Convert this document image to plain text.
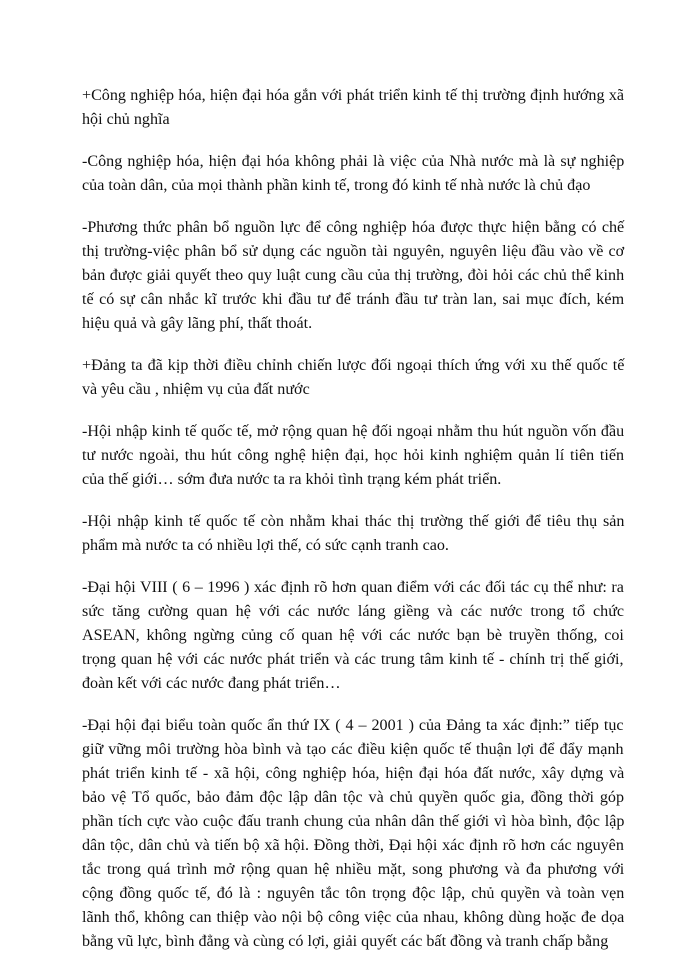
+Công nghiệp hóa, hiện đại hóa gắn với phát triển kinh tế thị trường định hướng xã
hội chủ nghĩa

-Công nghiệp hóa, hiện đại hóa không phải là việc của Nhà nước mà là sự nghiệp
của toàn dân, của mọi thành phần kinh tế, trong đó kinh tế nhà nước là chủ đạo

-Phương thức phân bổ nguồn lực để công nghiệp hóa được thực hiện bằng có chế
thị trường-việc phân bổ sử dụng các nguồn tài nguyên, nguyên liệu đầu vào về cơ
bản được giải quyết theo quy luật cung cầu của thị trường, đòi hỏi các chủ thể kinh
tế có sự cân nhắc kĩ trước khi đầu tư để tránh đầu tư tràn lan, sai mục đích, kém
hiệu quả và gây lãng phí, thất thoát.

+Đảng ta đã kịp thời điều chỉnh chiến lược đối ngoại thích ứng với xu thế quốc tế
và yêu cầu , nhiệm vụ của đất nước

-Hội nhập kinh tế quốc tế, mở rộng quan hệ đối ngoại nhằm thu hút nguồn vốn đầu
tư nước ngoài, thu hút công nghệ hiện đại, học hỏi kinh nghiệm quản lí tiên tiến
của thế giới… sớm đưa nước ta ra khỏi tình trạng kém phát triển.

-Hội nhập kinh tế quốc tế còn nhằm khai thác thị trường thế giới để tiêu thụ sản
phẩm mà nước ta có nhiều lợi thế, có sức cạnh tranh cao.

-Đại hội VIII ( 6 – 1996 ) xác định rõ hơn quan điểm với các đối tác cụ thể như: ra
sức tăng cường quan hệ với các nước láng giềng và các nước trong tổ chức
ASEAN, không ngừng củng cố quan hệ với các nước bạn bè truyền thống, coi
trọng quan hệ với các nước phát triển và các trung tâm kinh tế - chính trị thế giới,
đoàn kết với các nước đang phát triển…

-Đại hội đại biểu toàn quốc ẩn thứ IX ( 4 – 2001 ) của Đảng ta xác định:” tiếp tục
giữ vững môi trường hòa bình và tạo các điều kiện quốc tế thuận lợi để đẩy mạnh
phát triển kinh tế - xã hội, công nghiệp hóa, hiện đại hóa đất nước, xây dựng và
bảo vệ Tổ quốc, bảo đảm độc lập dân tộc và chủ quyền quốc gia, đồng thời góp
phần tích cực vào cuộc đấu tranh chung của nhân dân thế giới vì hòa bình, độc lập
dân tộc, dân chủ và tiến bộ xã hội. Đồng thời, Đại hội xác định rõ hơn các nguyên
tắc trong quá trình mở rộng quan hệ nhiều mặt, song phương và đa phương với
cộng đồng quốc tế, đó là : nguyên tắc tôn trọng độc lập, chủ quyền và toàn vẹn
lãnh thổ, không can thiệp vào nội bộ công việc của nhau, không dùng hoặc đe dọa
bằng vũ lực, bình đẳng và cùng có lợi, giải quyết các bất đồng và tranh chấp bằng
